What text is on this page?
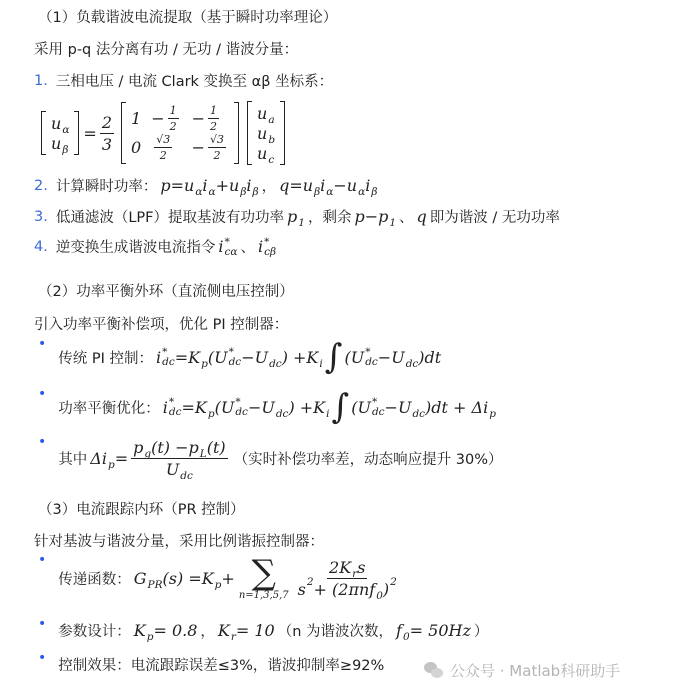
（1）负载谐波电流提取（基于瞬时功率理论）
采用 p-q 法分离有功 / 无功 / 谐波分量：
1. 三相电压 / 电流 Clark 变换至 αβ 坐标系：
u α
u β
= $\frac{2}{3} 1$
0
− $\frac{1}{2}$
$\frac{√3}{2}$
− $\frac{1}{2}$
− $\frac{√3}{2}$
u a
u b
u c
2. 计算瞬时功率： p = u α i α + u β i β ， q = u β i α − u α i β
3. 低通滤波（LPF）提取基波有功功率 p 1 ，剩余 p − p 1 、 q 即为谐波 / 无功功率
4. 逆变换生成谐波电流指令 i *
cα 、 i *
cβ
（2）功率平衡外环（直流侧电压控制）
引入功率平衡补偿项，优化 PI 控制器：
•
传统 PI 控制： i *
dc = K p ( U *
dc − U dc ) + K i ∫ ( U *
dc − U dc )dt
•
功率平衡优化： i *
dc = K p ( U *
dc − U dc ) + K i ∫ ( U *
dc − U dc )dt + Δ i p
•
其中 Δ i $p = \frac{\text{p g (t) − p L (t)}}{\text{U dc}}$ （实时补偿功率差，动态响应提升 30%）
（3）电流跟踪内环（PR 控制）
针对基波与谐波分量，采用比例谐振控制器：
•
传递函数： G PR (s) = K p + ∑
$n=1,3,5,7 \frac{\text{2 K r s}}{\text{s 2 + (2πn f 0 ) 2}}$
• 参数设计： K p = 0.8 ， K r = 10 （n 为谐波次数， f 0 = 50Hz ）
• 控制效果：电流跟踪误差≤3%，谐波抑制率≥92%	公众号 · Matlab科研助手
